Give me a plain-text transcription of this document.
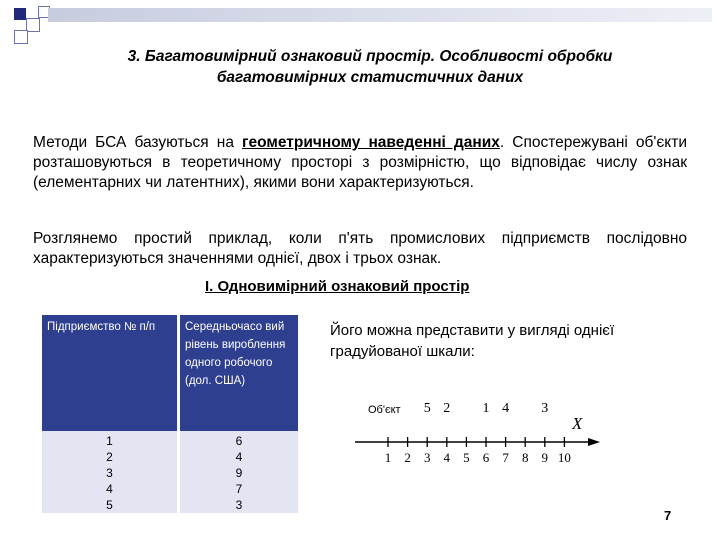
3. Багатовимірний ознаковий простір. Особливості обробки
багатовимірних статистичних даних
Методи БСА базуються на геометричному наведенні даних. Спостережувані об'єкти розташовуються в теоретичному просторі з розмірністю, що відповідає числу ознак (елементарних чи латентних), якими вони характеризуються.
Розглянемо простий приклад, коли п'ять промислових підприємств послідовно характеризуються значеннями однієї, двох і трьох ознак.
І. Одновимірний ознаковий простір
Підприємство № п/п	Середньочасо вий рівень вироблення одного робочого (дол. США)
1	6
2	4
3	9
4	7
5	3
Його можна представити у вигляді однієї градуйованої шкали:
Об'єкт
X
1 2 3 4 5 6 7 8 9 10
5 2 1 4 3
7
